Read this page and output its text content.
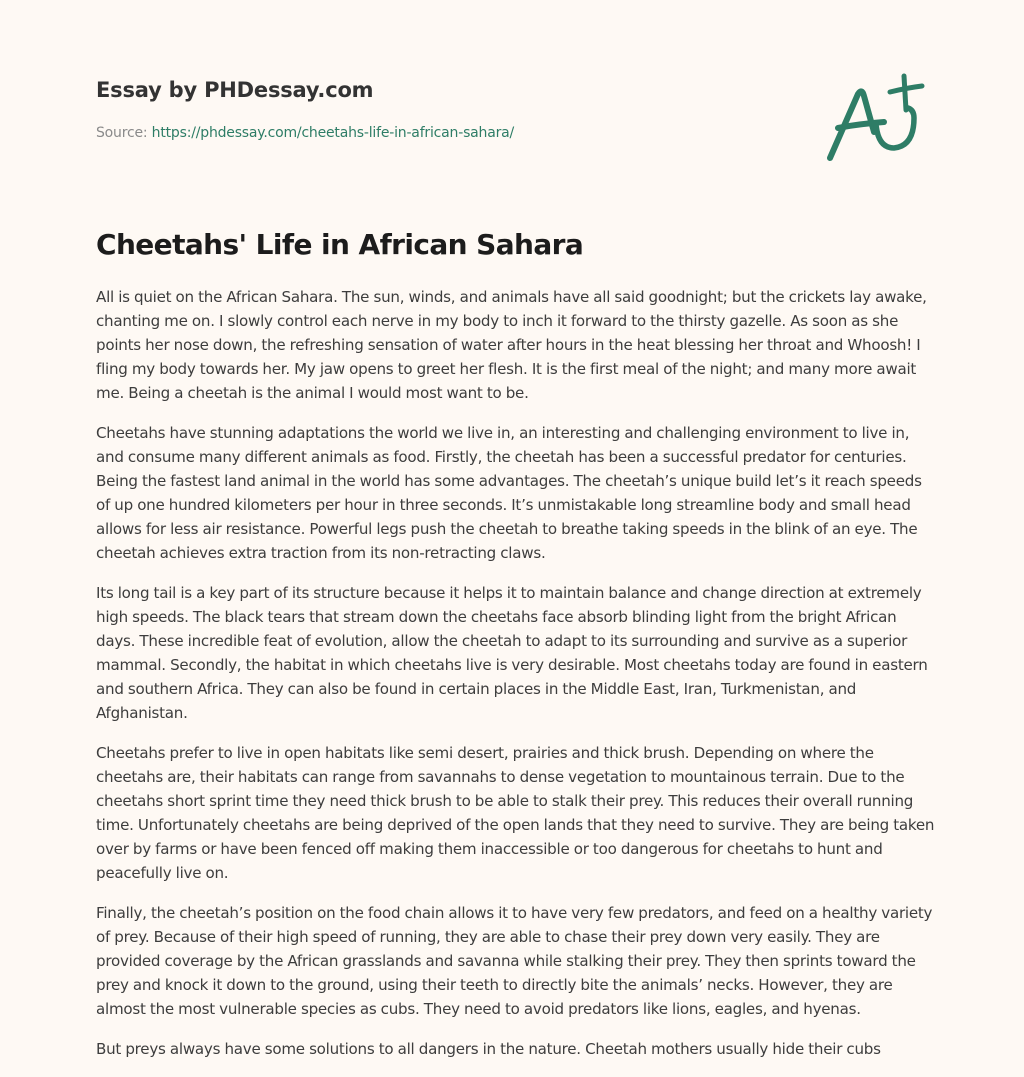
Essay by PHDessay.com
Source: https://phdessay.com/cheetahs-life-in-african-sahara/
Cheetahs' Life in African Sahara

All is quiet on the African Sahara. The sun, winds, and animals have all said goodnight; but the crickets lay awake, chanting me on. I slowly control each nerve in my body to inch it forward to the thirsty gazelle. As soon as she points her nose down, the refreshing sensation of water after hours in the heat blessing her throat and Whoosh! I fling my body towards her. My jaw opens to greet her flesh. It is the first meal of the night; and many more await me. Being a cheetah is the animal I would most want to be.

Cheetahs have stunning adaptations the world we live in, an interesting and challenging environment to live in, and consume many different animals as food. Firstly, the cheetah has been a successful predator for centuries. Being the fastest land animal in the world has some advantages. The cheetah’s unique build let’s it reach speeds of up one hundred kilometers per hour in three seconds. It’s unmistakable long streamline body and small head allows for less air resistance. Powerful legs push the cheetah to breathe taking speeds in the blink of an eye. The cheetah achieves extra traction from its non-retracting claws.

Its long tail is a key part of its structure because it helps it to maintain balance and change direction at extremely high speeds. The black tears that stream down the cheetahs face absorb blinding light from the bright African days. These incredible feat of evolution, allow the cheetah to adapt to its surrounding and survive as a superior mammal. Secondly, the habitat in which cheetahs live is very desirable. Most cheetahs today are found in eastern and southern Africa. They can also be found in certain places in the Middle East, Iran, Turkmenistan, and Afghanistan.

Cheetahs prefer to live in open habitats like semi desert, prairies and thick brush. Depending on where the cheetahs are, their habitats can range from savannahs to dense vegetation to mountainous terrain. Due to the cheetahs short sprint time they need thick brush to be able to stalk their prey. This reduces their overall running time. Unfortunately cheetahs are being deprived of the open lands that they need to survive. They are being taken over by farms or have been fenced off making them inaccessible or too dangerous for cheetahs to hunt and peacefully live on.

Finally, the cheetah’s position on the food chain allows it to have very few predators, and feed on a healthy variety of prey. Because of their high speed of running, they are able to chase their prey down very easily. They are provided coverage by the African grasslands and savanna while stalking their prey. They then sprints toward the prey and knock it down to the ground, using their teeth to directly bite the animals’ necks. However, they are almost the most vulnerable species as cubs. They need to avoid predators like lions, eagles, and hyenas.

But preys always have some solutions to all dangers in the nature. Cheetah mothers usually hide their cubs
